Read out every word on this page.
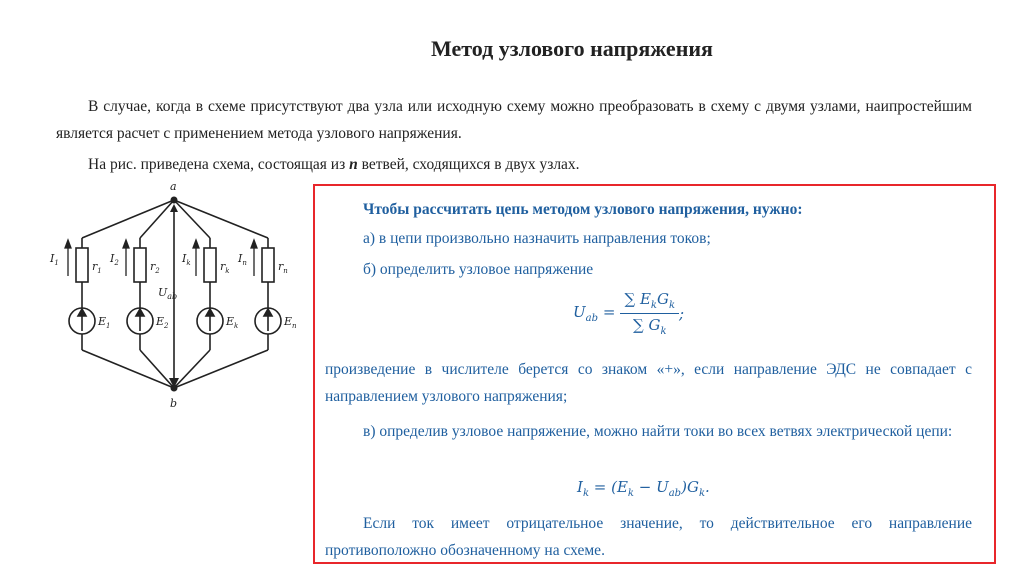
Метод узлового напряжения

В случае, когда в схеме присутствуют два узла или исходную схему можно преобразовать в схему с двумя узлами, наипростейшим является расчет с применением метода узлового напряжения.

На рис. приведена схема, состоящая из n ветвей, сходящихся в двух узлах.

a
b
$U_{ab}$
$I_1$	$I_2$	$I_k$	$I_n$
$r_1$	$r_2$	$r_k$	$r_n$
$E_1$	$E_2$	$E_k$	$E_n$
Чтобы рассчитать цепь методом узлового напряжения, нужно:
а) в цепи произвольно назначить направления токов;
б) определить узловое напряжение
$U_{ab} = \frac{\sum E_kG_k}{\sum G_k}$ ;
произведение в числителе берется со знаком «+», если направление ЭДС не совпадает с направлением узлового напряжения;
в) определив узловое напряжение, можно найти токи во всех ветвях электрической цепи:
$I_k = (E_k - U_{ab})G_k$.
Если ток имеет отрицательное значение, то действительное его направление противоположно обозначенному на схеме.
